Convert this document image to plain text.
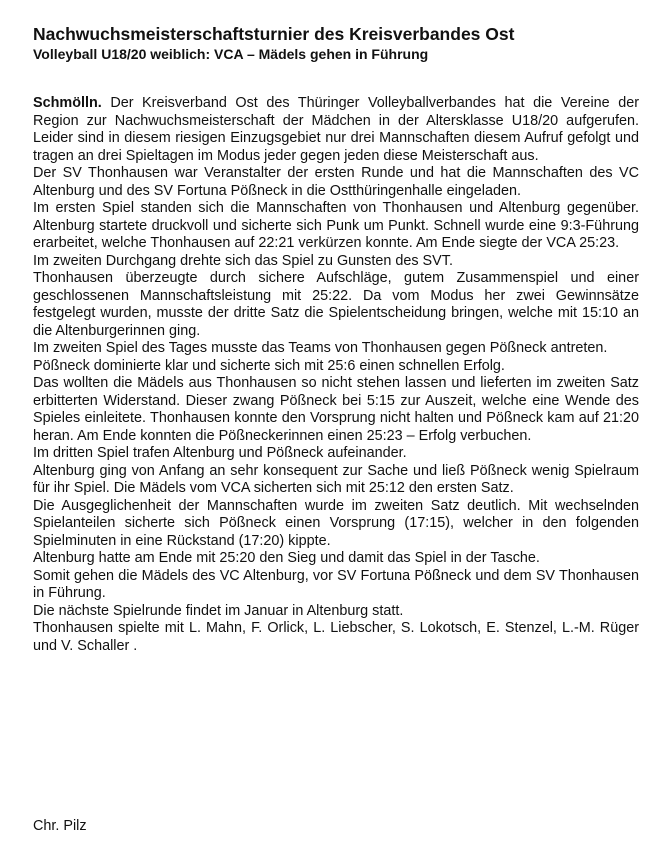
Nachwuchsmeisterschaftsturnier des Kreisverbandes Ost
Volleyball U18/20 weiblich: VCA – Mädels gehen in Führung

Schmölln. Der Kreisverband Ost des Thüringer Volleyballverbandes hat die Vereine der Region zur Nachwuchsmeisterschaft der Mädchen in der Altersklasse U18/20 aufgerufen. Leider sind in diesem riesigen Einzugsgebiet nur drei Mannschaften diesem Aufruf gefolgt und tragen an drei Spieltagen im Modus jeder gegen jeden diese Meisterschaft aus.

Der SV Thonhausen war Veranstalter der ersten Runde und hat die Mannschaften des VC Altenburg und des SV Fortuna Pößneck in die Ostthüringenhalle eingeladen.

Im ersten Spiel standen sich die Mannschaften von Thonhausen und Altenburg gegenüber. Altenburg startete druckvoll und sicherte sich Punk um Punkt. Schnell wurde eine 9:3-Führung erarbeitet, welche Thonhausen auf 22:21 verkürzen konnte. Am Ende siegte der VCA 25:23.

Im zweiten Durchgang drehte sich das Spiel zu Gunsten des SVT.

Thonhausen überzeugte durch sichere Aufschläge, gutem Zusammenspiel und einer geschlossenen Mannschaftsleistung mit 25:22. Da vom Modus her zwei Gewinnsätze festgelegt wurden, musste der dritte Satz die Spielentscheidung bringen, welche mit 15:10 an die Altenburgerinnen ging.

Im zweiten Spiel des Tages musste das Teams von Thonhausen gegen Pößneck antreten.

Pößneck dominierte klar und sicherte sich mit 25:6 einen schnellen Erfolg.

Das wollten die Mädels aus Thonhausen so nicht stehen lassen und lieferten im zweiten Satz erbitterten Widerstand. Dieser zwang Pößneck bei 5:15 zur Auszeit, welche eine Wende des Spieles einleitete. Thonhausen konnte den Vorsprung nicht halten und Pößneck kam auf 21:20 heran. Am Ende konnten die Pößneckerinnen einen 25:23 – Erfolg verbuchen.

Im dritten Spiel trafen Altenburg und Pößneck aufeinander.

Altenburg ging von Anfang an sehr konsequent zur Sache und ließ Pößneck wenig Spielraum für ihr Spiel. Die Mädels vom VCA sicherten sich mit 25:12 den ersten Satz.

Die Ausgeglichenheit der Mannschaften wurde im zweiten Satz deutlich. Mit wechselnden Spielanteilen sicherte sich Pößneck einen Vorsprung (17:15), welcher in den folgenden Spielminuten in eine Rückstand (17:20) kippte.

Altenburg hatte am Ende mit 25:20 den Sieg und damit das Spiel in der Tasche.

Somit gehen die Mädels des VC Altenburg, vor SV Fortuna Pößneck und dem SV Thonhausen in Führung.

Die nächste Spielrunde findet im Januar in Altenburg statt.

Thonhausen spielte mit L. Mahn, F. Orlick, L. Liebscher, S. Lokotsch, E. Stenzel, L.-M. Rüger und V. Schaller .

Chr. Pilz
